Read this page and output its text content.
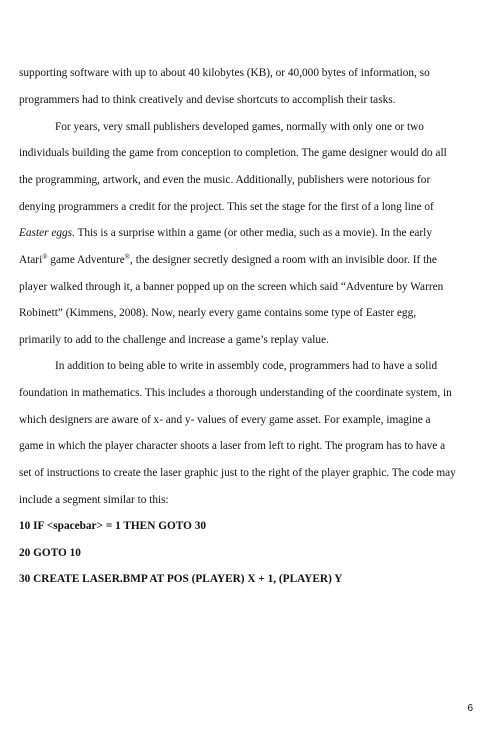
supporting software with up to about 40 kilobytes (KB), or 40,000 bytes of information, so
programmers had to think creatively and devise shortcuts to accomplish their tasks.
For years, very small publishers developed games, normally with only one or two
individuals building the game from conception to completion. The game designer would do all
the programming, artwork, and even the music. Additionally, publishers were notorious for
denying programmers a credit for the project. This set the stage for the first of a long line of
Easter eggs. This is a surprise within a game (or other media, such as a movie). In the early
Atari® game Adventure®, the designer secretly designed a room with an invisible door. If the
player walked through it, a banner popped up on the screen which said “Adventure by Warren
Robinett” (Kimmens, 2008). Now, nearly every game contains some type of Easter egg,
primarily to add to the challenge and increase a game’s replay value.
In addition to being able to write in assembly code, programmers had to have a solid
foundation in mathematics. This includes a thorough understanding of the coordinate system, in
which designers are aware of x- and y- values of every game asset. For example, imagine a
game in which the player character shoots a laser from left to right. The program has to have a
set of instructions to create the laser graphic just to the right of the player graphic. The code may
include a segment similar to this:
10 IF <spacebar> = 1 THEN GOTO 30
20 GOTO 10
30 CREATE LASER.BMP AT POS (PLAYER) X + 1, (PLAYER) Y
6
